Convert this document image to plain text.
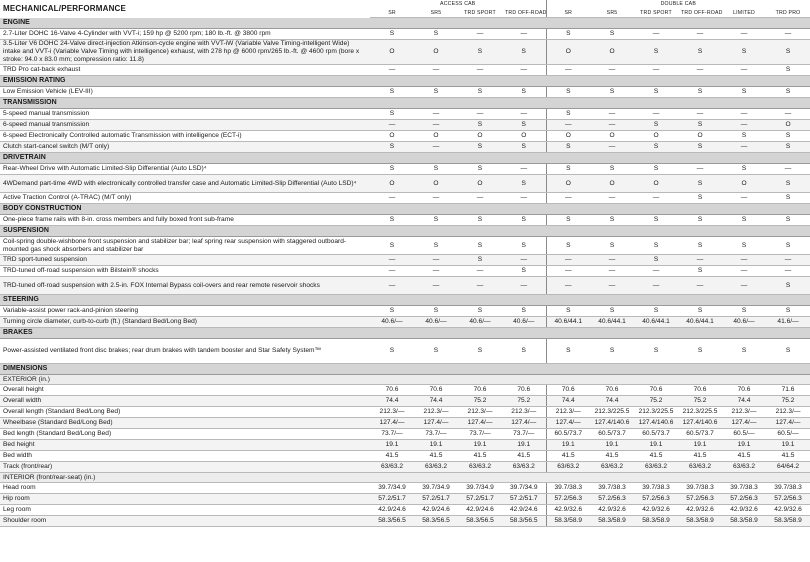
MECHANICAL/PERFORMANCE	ACCESS CAB				DOUBLE CAB					
	SR	SR5	TRD SPORT	TRD OFF-ROAD	SR	SR5	TRD SPORT	TRD OFF-ROAD	LIMITED	TRD PRO
ENGINE										
2.7-Liter DOHC 16-Valve 4-Cylinder with VVT-i; 159 hp @ 5200 rpm; 180 lb.-ft. @ 3800 rpm	S	S	—	—	S	S	—	—	—	—
3.5-Liter V6 DOHC 24-Valve direct-injection Atkinson-cycle engine with VVT-iW (Variable Valve Timing-intelligent Wide) intake and VVT-i (Variable Valve Timing with intelligence) exhaust, with 278 hp @ 6000 rpm/265 lb.-ft. @ 4600 rpm (bore x stroke: 94.0 x 83.0 mm; compression ratio: 11.8)	O	O	S	S	O	O	S	S	S	S
TRD Pro cat-back exhaust	—	—	—	—	—	—	—	—	—	S
EMISSION RATING										
Low Emission Vehicle (LEV-III)	S	S	S	S	S	S	S	S	S	S
TRANSMISSION										
5-speed manual transmission	S	—	—	—	S	—	—	—	—	—
6-speed manual transmission	—	—	S	S	—	—	S	S	—	O
6-speed Electronically Controlled automatic Transmission with intelligence (ECT-i)	O	O	O	O	O	O	O	O	S	S
Clutch start-cancel switch (M/T only)	S	—	S	S	S	—	S	S	—	S
DRIVETRAIN										
Rear-Wheel Drive with Automatic Limited-Slip Differential (Auto LSD)⁴	S	S	S	—	S	S	S	—	S	—
4WDemand part-time 4WD with electronically controlled transfer case and Automatic Limited-Slip Differential (Auto LSD)⁴	O	O	O	S	O	O	O	S	O	S
Active Traction Control (A-TRAC) (M/T only)	—	—	—	—	—	—	—	S	—	S
BODY CONSTRUCTION										
One-piece frame rails with 8-in. cross members and fully boxed front sub-frame	S	S	S	S	S	S	S	S	S	S
SUSPENSION										
Coil-spring double-wishbone front suspension and stabilizer bar; leaf spring rear suspension with staggered outboard-mounted gas shock absorbers and stabilizer bar	S	S	S	S	S	S	S	S	S	S
TRD sport-tuned suspension	—	—	S	—	—	—	S	—	—	—
TRD-tuned off-road suspension with Bilstein® shocks	—	—	—	S	—	—	—	S	—	—
TRD-tuned off-road suspension with 2.5-in. FOX Internal Bypass coil-overs and rear remote reservoir shocks	—	—	—	—	—	—	—	—	—	S
STEERING										
Variable-assist power rack-and-pinion steering	S	S	S	S	S	S	S	S	S	S
Turning circle diameter, curb-to-curb (ft.) (Standard Bed/Long Bed)	40.6/—	40.6/—	40.6/—	40.6/—	40.6/44.1	40.6/44.1	40.6/44.1	40.6/44.1	40.6/—	41.6/—
BRAKES										
Power-assisted ventilated front disc brakes; rear drum brakes with tandem booster and Star Safety System™	S	S	S	S	S	S	S	S	S	S
DIMENSIONS										
EXTERIOR (in.)										
Overall height	70.6	70.6	70.6	70.6	70.6	70.6	70.6	70.6	70.6	71.6
Overall width	74.4	74.4	75.2	75.2	74.4	74.4	75.2	75.2	74.4	75.2
Overall length (Standard Bed/Long Bed)	212.3/—	212.3/—	212.3/—	212.3/—	212.3/—	212.3/225.5	212.3/225.5	212.3/225.5	212.3/—	212.3/—
Wheelbase (Standard Bed/Long Bed)	127.4/—	127.4/—	127.4/—	127.4/—	127.4/—	127.4/140.6	127.4/140.6	127.4/140.6	127.4/—	127.4/—
Bed length (Standard Bed/Long Bed)	73.7/—	73.7/—	73.7/—	73.7/—	60.5/73.7	60.5/73.7	60.5/73.7	60.5/73.7	60.5/—	60.5/—
Bed height	19.1	19.1	19.1	19.1	19.1	19.1	19.1	19.1	19.1	19.1
Bed width	41.5	41.5	41.5	41.5	41.5	41.5	41.5	41.5	41.5	41.5
Track (front/rear)	63/63.2	63/63.2	63/63.2	63/63.2	63/63.2	63/63.2	63/63.2	63/63.2	63/63.2	64/64.2
INTERIOR (front/rear-seat) (in.)										
Head room	39.7/34.9	39.7/34.9	39.7/34.9	39.7/34.9	39.7/38.3	39.7/38.3	39.7/38.3	39.7/38.3	39.7/38.3	39.7/38.3
Hip room	57.2/51.7	57.2/51.7	57.2/51.7	57.2/51.7	57.2/56.3	57.2/56.3	57.2/56.3	57.2/56.3	57.2/56.3	57.2/56.3
Leg room	42.9/24.6	42.9/24.6	42.9/24.6	42.9/24.6	42.9/32.6	42.9/32.6	42.9/32.6	42.9/32.6	42.9/32.6	42.9/32.6
Shoulder room	58.3/56.5	58.3/56.5	58.3/56.5	58.3/56.5	58.3/58.9	58.3/58.9	58.3/58.9	58.3/58.9	58.3/58.9	58.3/58.9
